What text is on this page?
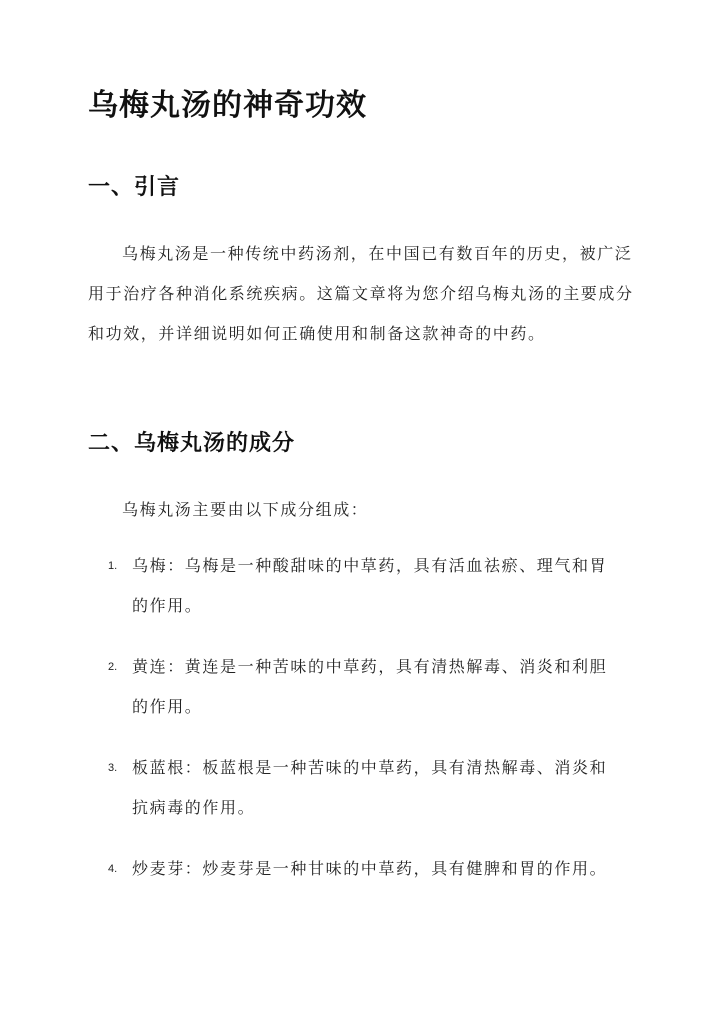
乌梅丸汤的神奇功效
一、引言

乌梅丸汤是一种传统中药汤剂，在中国已有数百年的历史，被广泛用于治疗各种消化系统疾病。这篇文章将为您介绍乌梅丸汤的主要成分和功效，并详细说明如何正确使用和制备这款神奇的中药。

二、乌梅丸汤的成分

乌梅丸汤主要由以下成分组成：

1. 乌梅：乌梅是一种酸甜味的中草药，具有活血祛瘀、理气和胃的作用。
2. 黄连：黄连是一种苦味的中草药，具有清热解毒、消炎和利胆的作用。
3. 板蓝根：板蓝根是一种苦味的中草药，具有清热解毒、消炎和抗病毒的作用。
4. 炒麦芽：炒麦芽是一种甘味的中草药，具有健脾和胃的作用。
